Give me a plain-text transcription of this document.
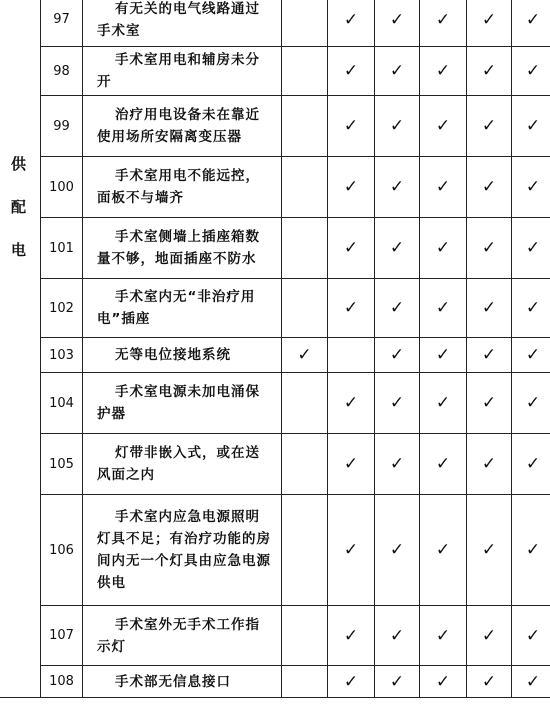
供
配
电	97	有无关的电气线路通过手术室		✓	✓	✓	✓	✓
	98	手术室用电和辅房未分开		✓	✓	✓	✓	✓
	99	治疗用电设备未在靠近使用场所安隔离变压器		✓	✓	✓	✓	✓
	100	手术室用电不能远控，面板不与墙齐		✓	✓	✓	✓	✓
	101	手术室侧墙上插座箱数量不够，地面插座不防水		✓	✓	✓	✓	✓
	102	手术室内无“非治疗用电”插座		✓	✓	✓	✓	✓
	103	无等电位接地系统	✓		✓	✓	✓	✓
	104	手术室电源未加电涌保护器		✓	✓	✓	✓	✓
	105	灯带非嵌入式，或在送风面之内		✓	✓	✓	✓	✓
	106	手术室内应急电源照明灯具不足；有治疗功能的房间内无一个灯具由应急电源供电		✓	✓	✓	✓	✓
	107	手术室外无手术工作指示灯		✓	✓	✓	✓	✓
	108	手术部无信息接口		✓	✓	✓	✓	✓
